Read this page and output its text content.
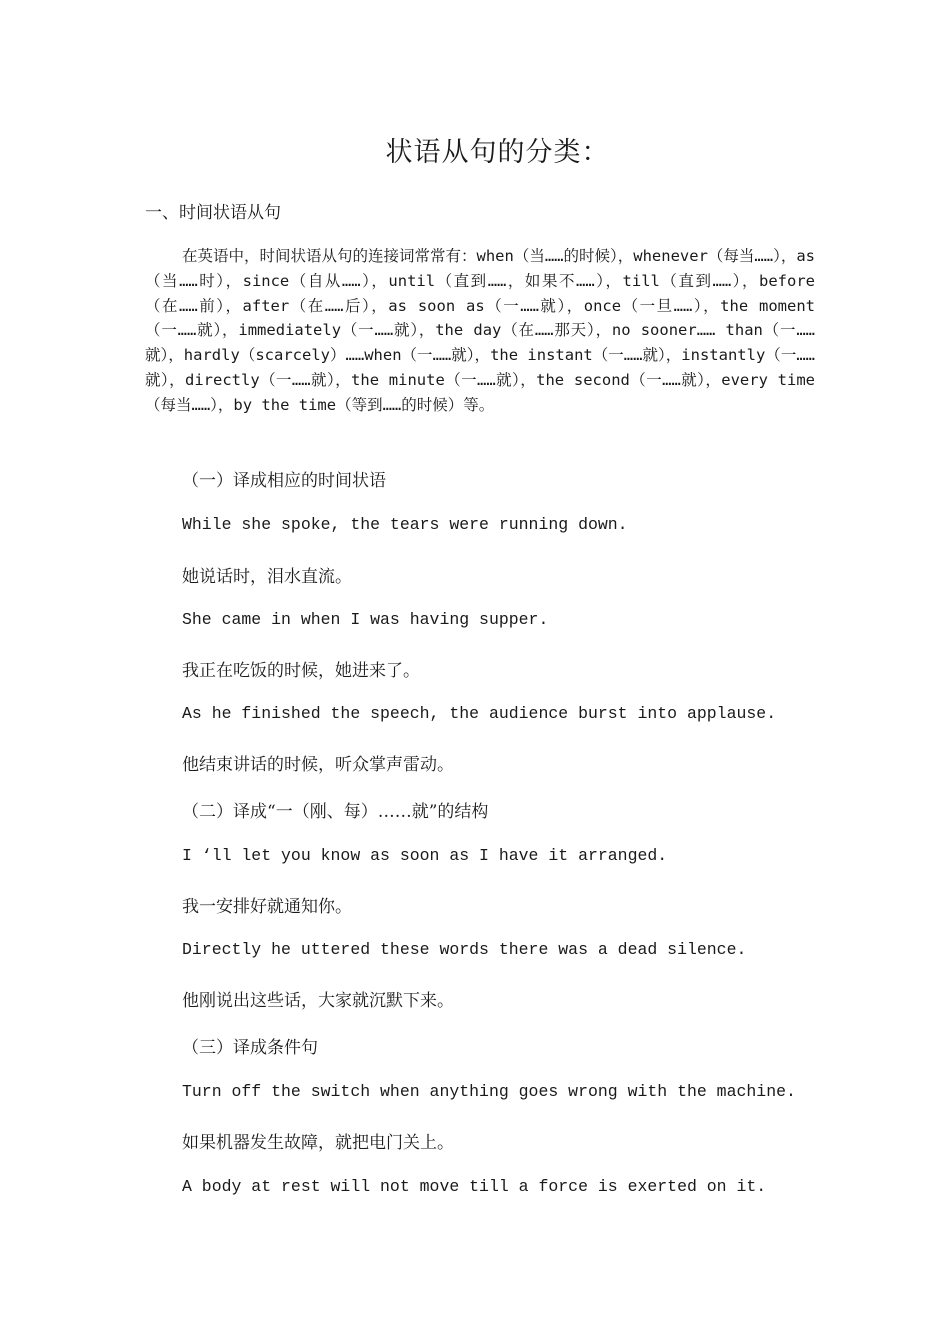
状语从句的分类：
一、时间状语从句

在英语中，时间状语从句的连接词常常有：when（当……的时候），whenever（每当……），as（当……时），since（自从……），until（直到……，如果不……），till（直到……），before（在……前），after（在……后），as soon as（一……就），once（一旦……），the moment（一……就），immediately（一……就），the day（在……那天），no sooner…… than（一……就），hardly（scarcely）……when（一……就），the instant（一……就），instantly（一……就），directly（一……就），the minute（一……就），the second（一……就），every time（每当……），by the time（等到……的时候）等。

（一）译成相应的时间状语

While she spoke, the tears were running down.

她说话时，泪水直流。

She came in when I was having supper.

我正在吃饭的时候，她进来了。

As he finished the speech, the audience burst into applause.

他结束讲话的时候，听众掌声雷动。

（二）译成“一（刚、每）……就”的结构

I ‘ll let you know as soon as I have it arranged.

我一安排好就通知你。

Directly he uttered these words there was a dead silence.

他刚说出这些话，大家就沉默下来。

（三）译成条件句

Turn off the switch when anything goes wrong with the machine.

如果机器发生故障，就把电门关上。

A body at rest will not move till a force is exerted on it.
